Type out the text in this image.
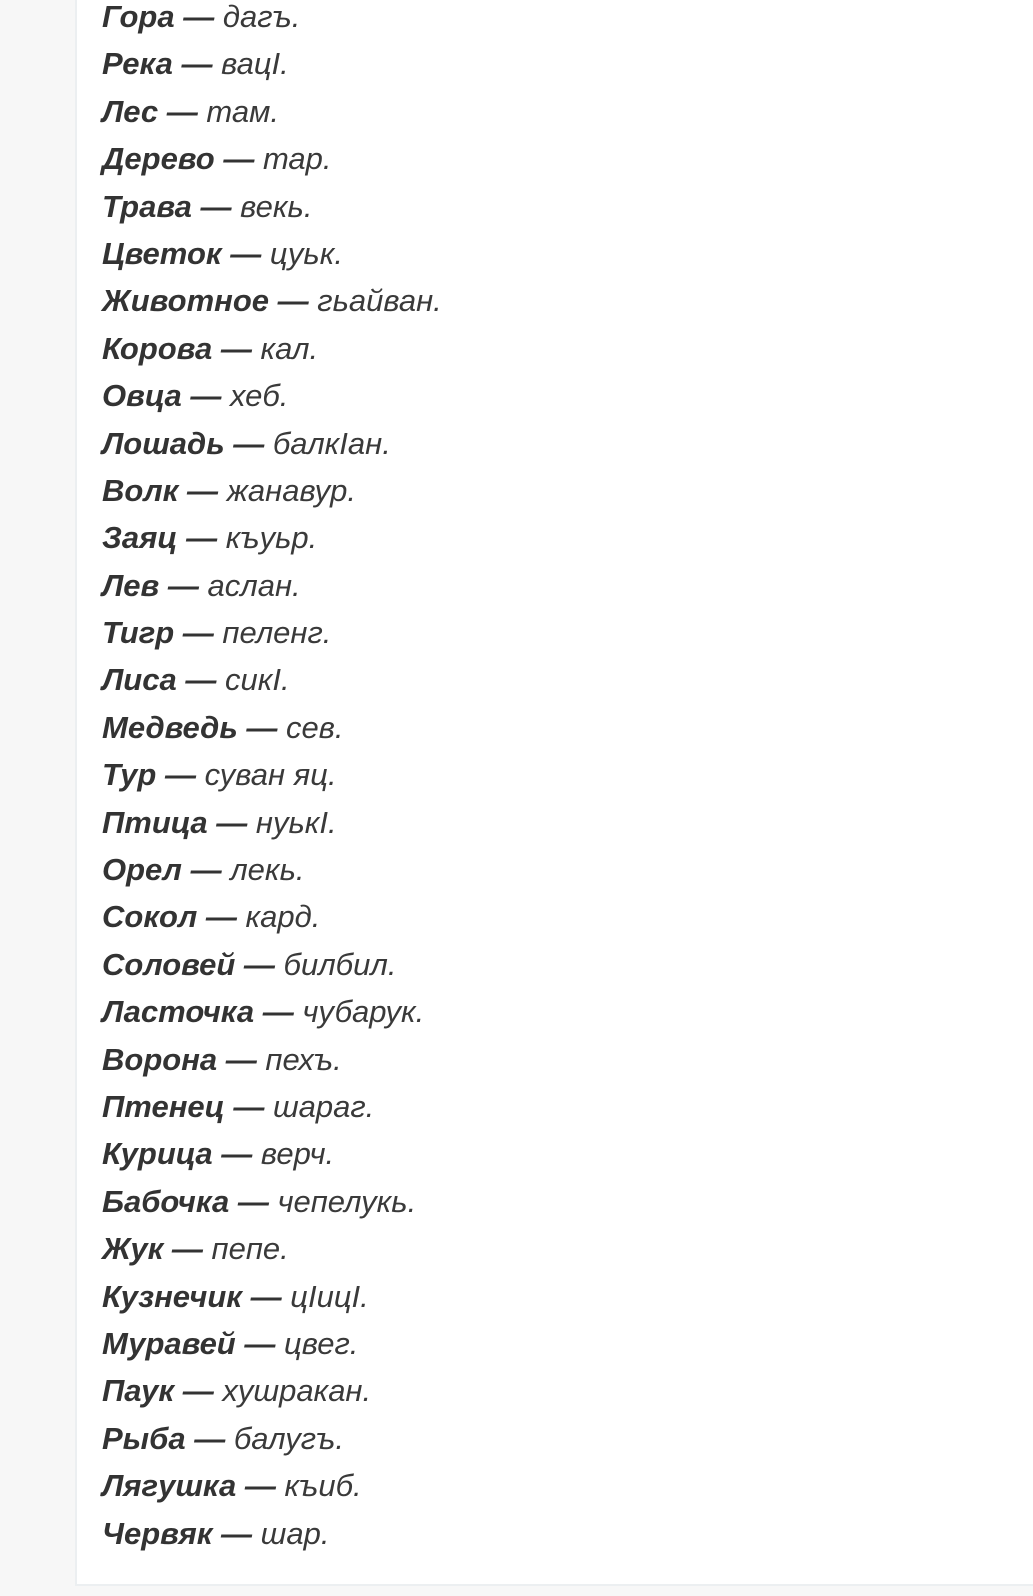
Гора — дагъ.
Река — вацI.
Лес — там.
Дерево — тар.
Трава — векь.
Цветок — цуьк.
Животное — гьайван.
Корова — кал.
Овца — хеб.
Лошадь — балкIан.
Волк — жанавур.
Заяц — къуьр.
Лев — аслан.
Тигр — пеленг.
Лиса — сикI.
Медведь — сев.
Тур — суван яц.
Птица — нуькI.
Орел — лекь.
Сокол — кард.
Соловей — билбил.
Ласточка — чубарук.
Ворона — пехъ.
Птенец — шараг.
Курица — верч.
Бабочка — чепелукь.
Жук — пепе.
Кузнечик — цIицI.
Муравей — цвег.
Паук — хушракан.
Рыба — балугъ.
Лягушка — къиб.
Червяк — шар.
